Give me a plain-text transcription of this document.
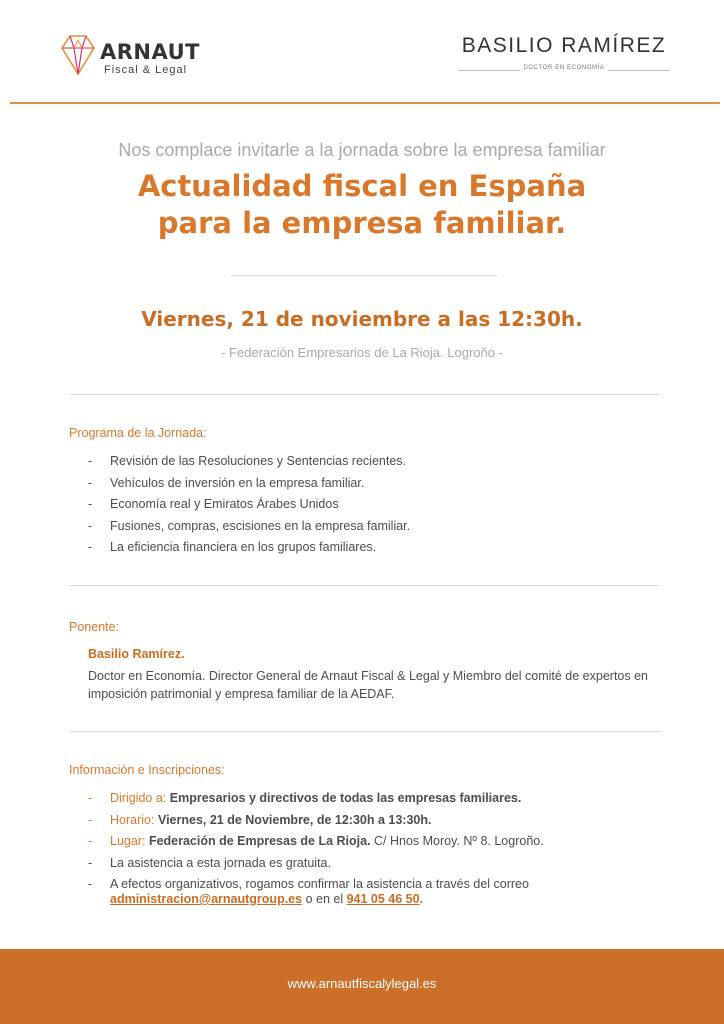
ARNAUT
Fiscal & Legal
BASILIO RAMÍREZ
DOCTOR EN ECONOMÍA
Nos complace invitarle a la jornada sobre la empresa familiar
Actualidad fiscal en España
para la empresa familiar.
Viernes, 21 de noviembre a las 12:30h.
- Federación Empresarios de La Rioja. Logroño -
Programa de la Jornada:
- Revisión de las Resoluciones y Sentencias recientes.
- Vehículos de inversión en la empresa familiar.
- Economía real y Emiratos Árabes Unidos
- Fusiones, compras, escisiones en la empresa familiar.
- La eficiencia financiera en los grupos familiares.
Ponente:
Basilio Ramírez.
Doctor en Economía. Director General de Arnaut Fiscal & Legal y Miembro del comité de expertos en imposición patrimonial y empresa familiar de la AEDAF.
Información e Inscripciones:
- Dirigido a: Empresarios y directivos de todas las empresas familiares.
- Horario: Viernes, 21 de Noviembre, de 12:30h a 13:30h.
- Lugar: Federación de Empresas de La Rioja. C/ Hnos Moroy. Nº 8. Logroño.
- La asistencia a esta jornada es gratuita.
- A efectos organizativos, rogamos confirmar la asistencia a través del correo
administracion@arnautgroup.es o en el 941 05 46 50.
www.arnautfiscalylegal.es
